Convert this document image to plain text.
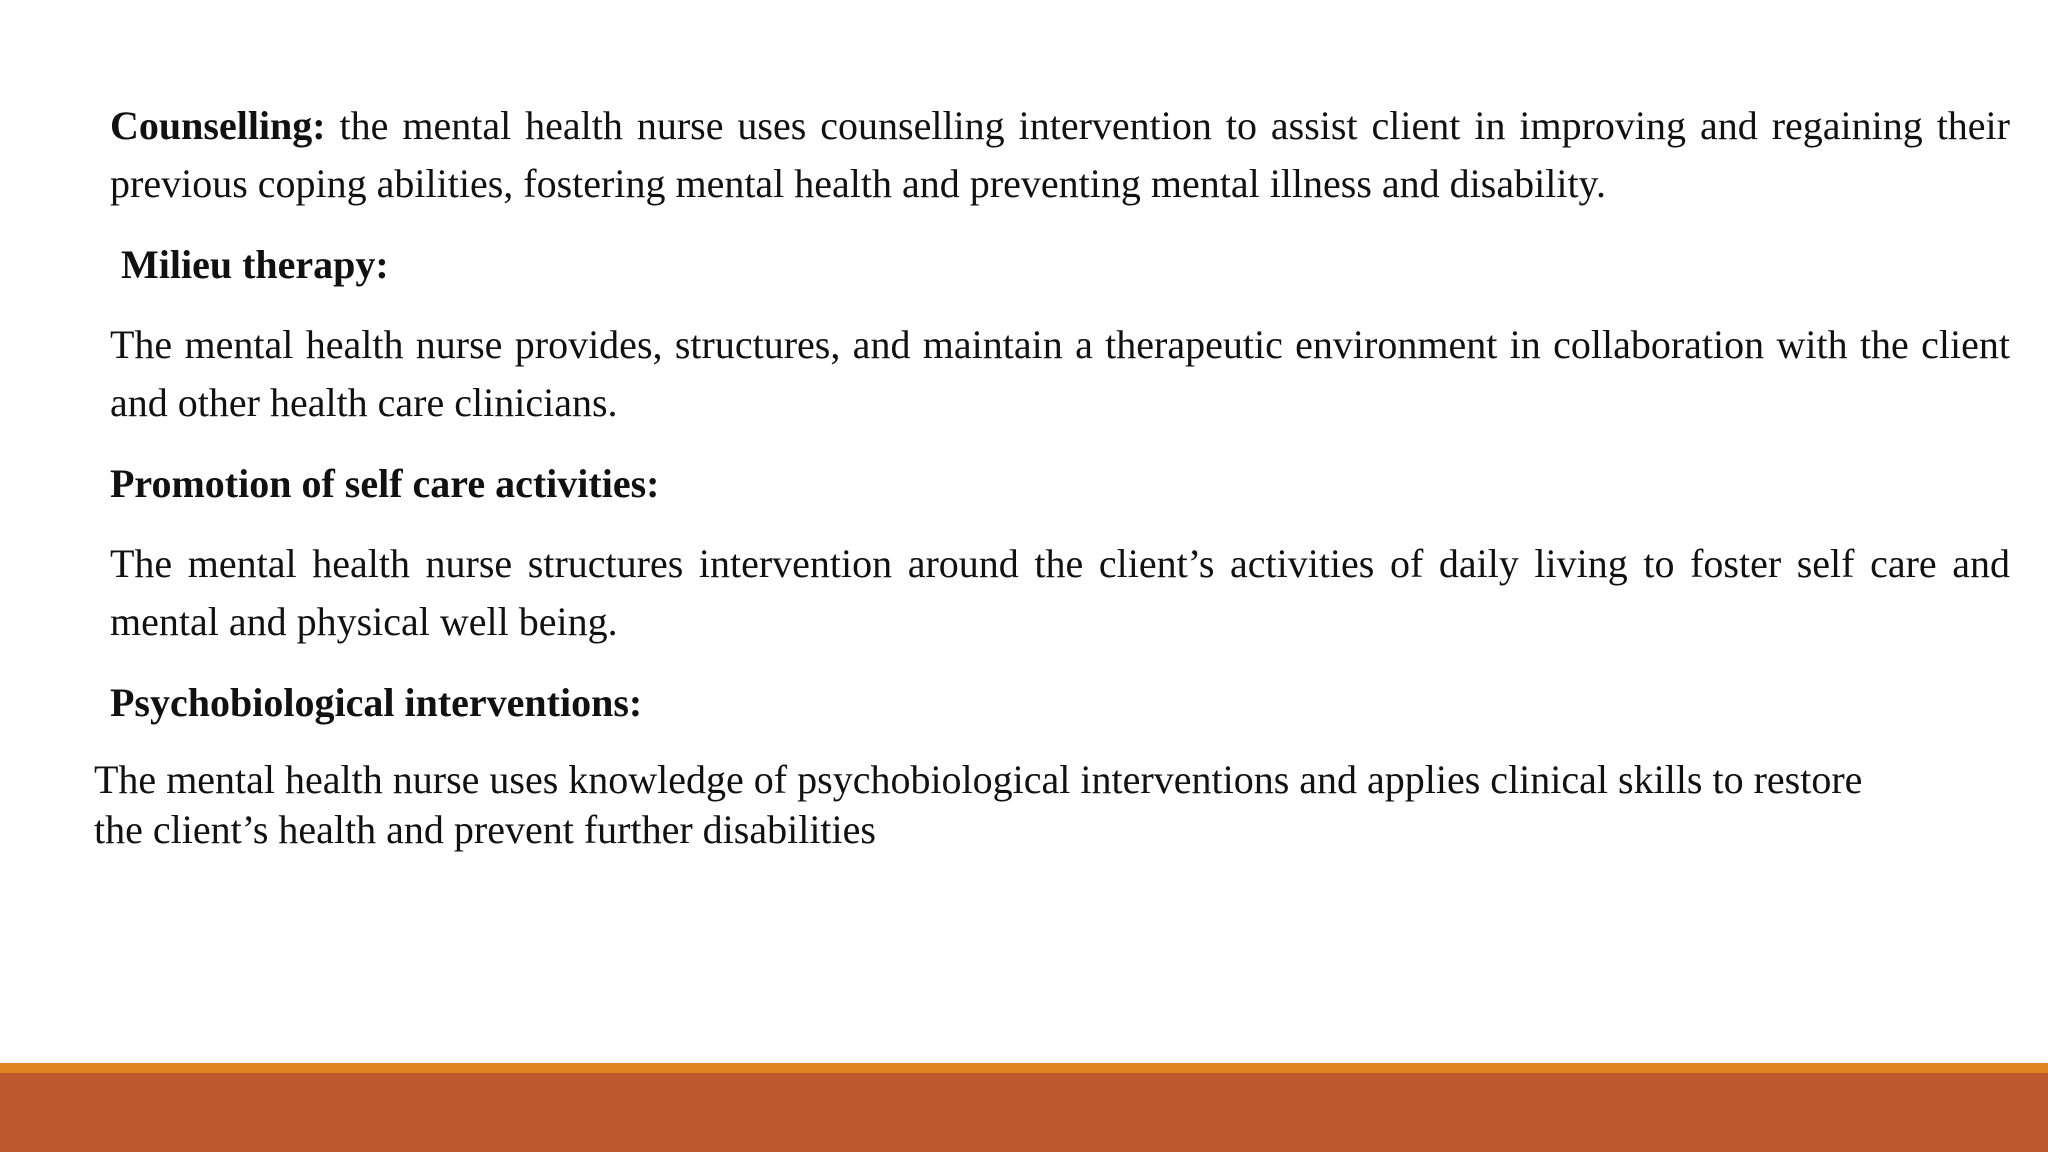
Counselling: the mental health nurse uses counselling intervention to assist client in improving and regaining their previous coping abilities, fostering mental health and preventing mental illness and disability.
Milieu therapy:
The mental health nurse provides, structures, and maintain a therapeutic environment in collaboration with the client and other health care clinicians.
Promotion of self care activities:
The mental health nurse structures intervention around the client’s activities of daily living to foster self care and mental and physical well being.
Psychobiological interventions:
The mental health nurse uses knowledge of psychobiological interventions and applies clinical skills to restore
the client’s health and prevent further disabilities
